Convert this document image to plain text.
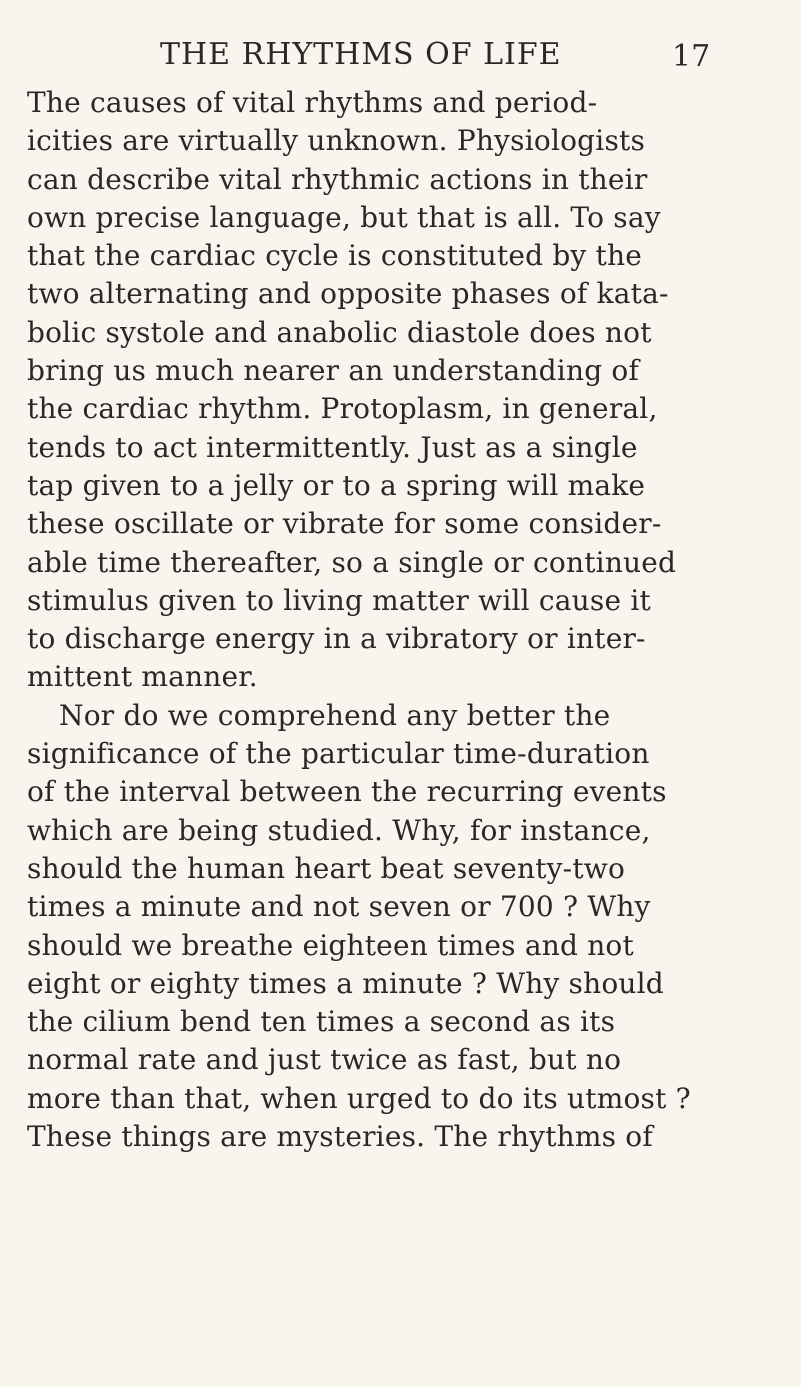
THE RHYTHMS OF LIFE	17
The causes of vital rhythms and period-
icities are virtually unknown. Physiologists
can describe vital rhythmic actions in their
own precise language, but that is all. To say
that the cardiac cycle is constituted by the
two alternating and opposite phases of kata-
bolic systole and anabolic diastole does not
bring us much nearer an understanding of
the cardiac rhythm. Protoplasm, in general,
tends to act intermittently. Just as a single
tap given to a jelly or to a spring will make
these oscillate or vibrate for some consider-
able time thereafter, so a single or continued
stimulus given to living matter will cause it
to discharge energy in a vibratory or inter-
mittent manner.
Nor do we comprehend any better the
significance of the particular time-duration
of the interval between the recurring events
which are being studied. Why, for instance,
should the human heart beat seventy-two
times a minute and not seven or 700 ? Why
should we breathe eighteen times and not
eight or eighty times a minute ? Why should
the cilium bend ten times a second as its
normal rate and just twice as fast, but no
more than that, when urged to do its utmost ?
These things are mysteries. The rhythms of
